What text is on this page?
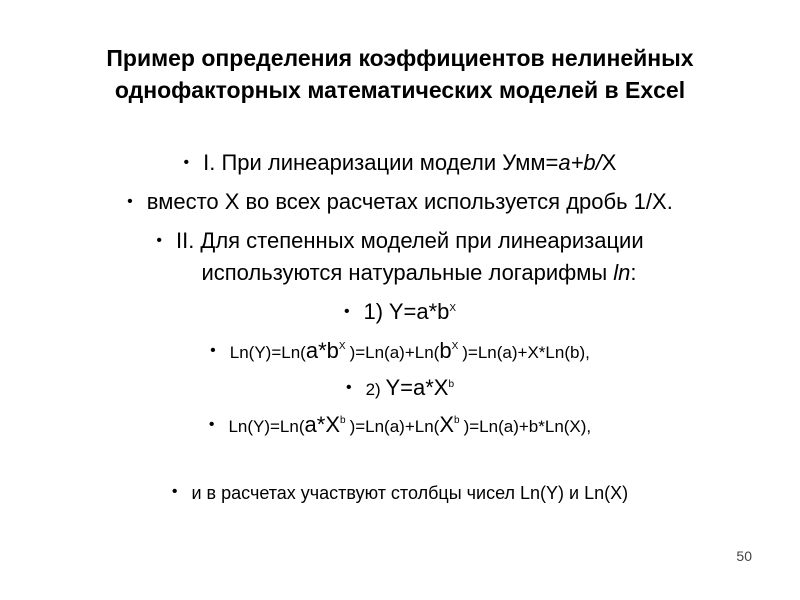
Пример определения коэффициентов нелинейных
однофакторных математических моделей в Excel
• I. При линеаризации модели Умм=a+b/X
• вместо Х во всех расчетах используется дробь 1/X.
• II. Для степенных моделей при линеаризации
используются натуральные логарифмы ln:
• 1) $Y=a*b^X$
• $Ln(Y)=Ln(a*b^X$ )$=Ln(a)+Ln(b^X$ )=Ln(a)+X*Ln(b),
• 2) $Y=a*X^b$
• $Ln(Y)=Ln(a*X^b$ )$=Ln(a)+Ln(X^b$ )=Ln(a)+b*Ln(X),
• и в расчетах участвуют столбцы чисел Ln(Y) и Ln(X)
50
